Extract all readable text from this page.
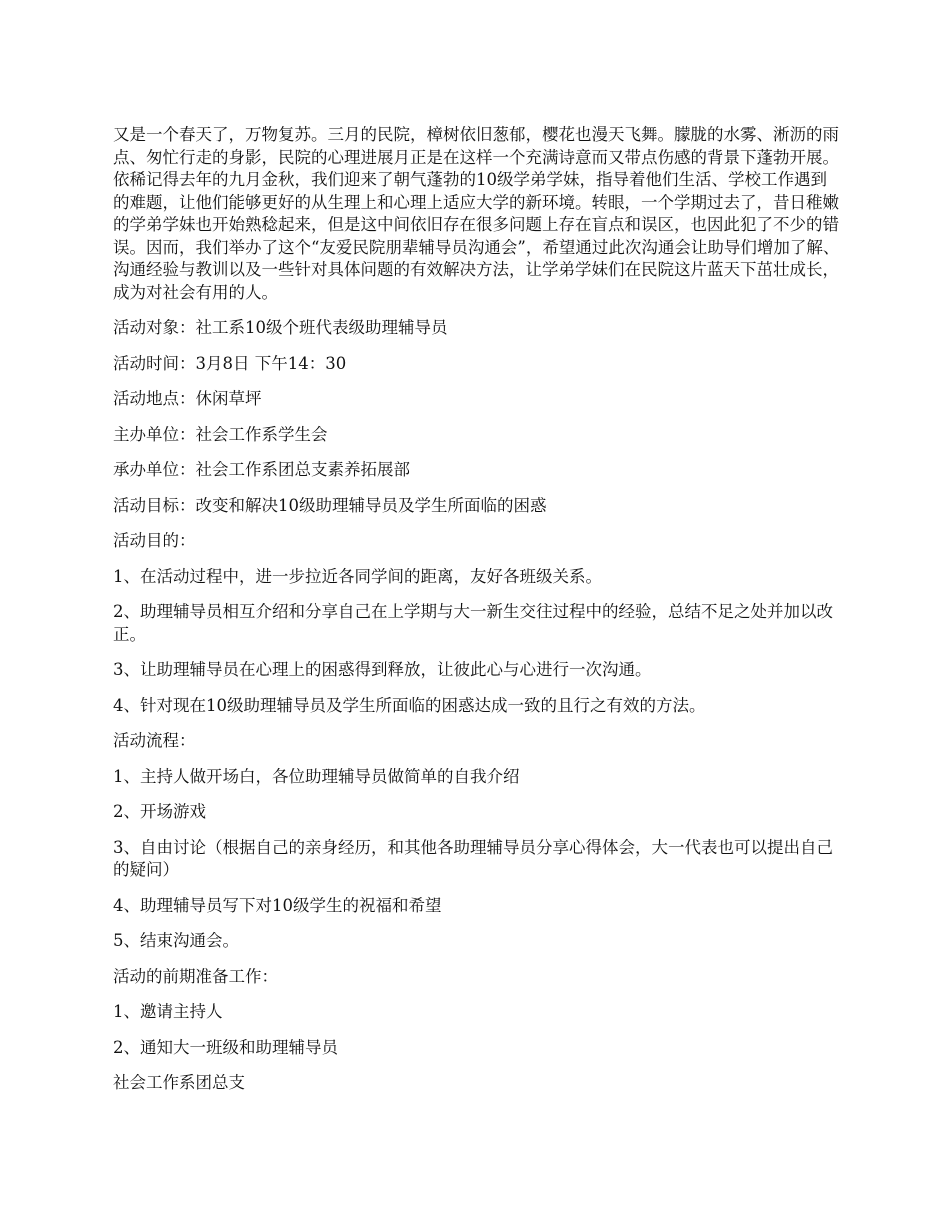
又是一个春天了，万物复苏。三月的民院，樟树依旧葱郁，樱花也漫天飞舞。朦胧的水雾、淅沥的雨点、匆忙行走的身影，民院的心理进展月正是在这样一个充满诗意而又带点伤感的背景下蓬勃开展。依稀记得去年的九月金秋，我们迎来了朝气蓬勃的10级学弟学妹，指导着他们生活、学校工作遇到的难题，让他们能够更好的从生理上和心理上适应大学的新环境。转眼，一个学期过去了，昔日稚嫩的学弟学妹也开始熟稔起来，但是这中间依旧存在很多问题上存在盲点和误区，也因此犯了不少的错误。因而，我们举办了这个“友爱民院朋辈辅导员沟通会”，希望通过此次沟通会让助导们增加了解、沟通经验与教训以及一些针对具体问题的有效解决方法，让学弟学妹们在民院这片蓝天下茁壮成长，成为对社会有用的人。

活动对象：社工系10级个班代表级助理辅导员

活动时间：3月8日 下午14：30

活动地点：休闲草坪

主办单位：社会工作系学生会

承办单位：社会工作系团总支素养拓展部

活动目标：改变和解决10级助理辅导员及学生所面临的困惑

活动目的：

1、在活动过程中，进一步拉近各同学间的距离，友好各班级关系。

2、助理辅导员相互介绍和分享自己在上学期与大一新生交往过程中的经验，总结不足之处并加以改正。

3、让助理辅导员在心理上的困惑得到释放，让彼此心与心进行一次沟通。

4、针对现在10级助理辅导员及学生所面临的困惑达成一致的且行之有效的方法。

活动流程：

1、主持人做开场白，各位助理辅导员做简单的自我介绍

2、开场游戏

3、自由讨论（根据自己的亲身经历，和其他各助理辅导员分享心得体会，大一代表也可以提出自己的疑问）

4、助理辅导员写下对10级学生的祝福和希望

5、结束沟通会。

活动的前期准备工作：

1、邀请主持人

2、通知大一班级和助理辅导员

社会工作系团总支
